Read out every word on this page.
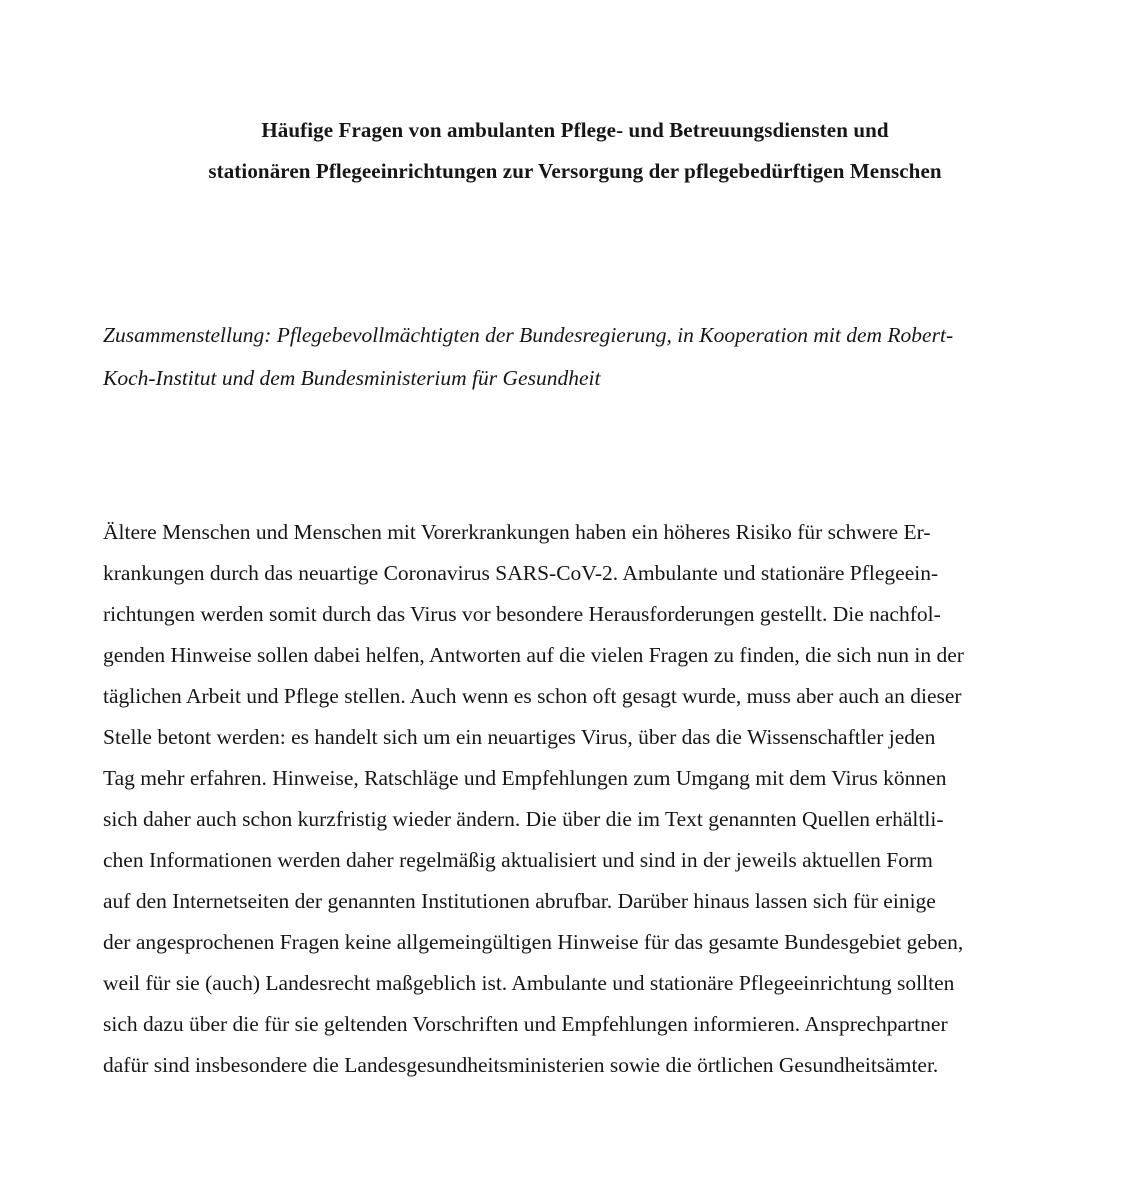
Häufige Fragen von ambulanten Pflege- und Betreuungsdiensten und
stationären Pflegeeinrichtungen zur Versorgung der pflegebedürftigen Menschen
Zusammenstellung: Pflegebevollmächtigten der Bundesregierung, in Kooperation mit dem Robert-
Koch-Institut und dem Bundesministerium für Gesundheit
Ältere Menschen und Menschen mit Vorerkrankungen haben ein höheres Risiko für schwere Er-
krankungen durch das neuartige Coronavirus SARS-CoV-2. Ambulante und stationäre Pflegeein-
richtungen werden somit durch das Virus vor besondere Herausforderungen gestellt. Die nachfol-
genden Hinweise sollen dabei helfen, Antworten auf die vielen Fragen zu finden, die sich nun in der
täglichen Arbeit und Pflege stellen. Auch wenn es schon oft gesagt wurde, muss aber auch an dieser
Stelle betont werden: es handelt sich um ein neuartiges Virus, über das die Wissenschaftler jeden
Tag mehr erfahren. Hinweise, Ratschläge und Empfehlungen zum Umgang mit dem Virus können
sich daher auch schon kurzfristig wieder ändern. Die über die im Text genannten Quellen erhältli-
chen Informationen werden daher regelmäßig aktualisiert und sind in der jeweils aktuellen Form
auf den Internetseiten der genannten Institutionen abrufbar. Darüber hinaus lassen sich für einige
der angesprochenen Fragen keine allgemeingültigen Hinweise für das gesamte Bundesgebiet geben,
weil für sie (auch) Landesrecht maßgeblich ist. Ambulante und stationäre Pflegeeinrichtung sollten
sich dazu über die für sie geltenden Vorschriften und Empfehlungen informieren. Ansprechpartner
dafür sind insbesondere die Landesgesundheitsministerien sowie die örtlichen Gesundheitsämter.
